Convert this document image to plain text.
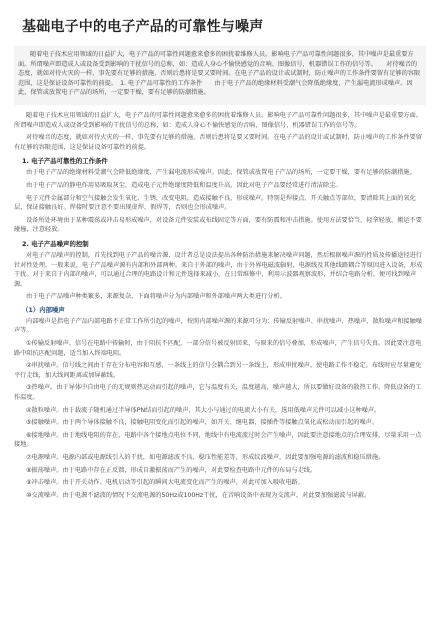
基础电子中的电子产品的可靠性与噪声

随着电子技术应用领域的日益扩大，电子产品的可靠性问题愈来愈多的困扰着维修人员。影响电子产品可靠性问题很多，其中噪声是最重要方面。所谓噪声即造成人或设备受到影响的干扰信号的总称，如：造成人身心不愉快感觉的音响、图像信号，机器错误工作的信号等。　　对待噪音的态度，就如对待火灾的一样，事先要有足够的措施，否则后患将是要又要时间。在电子产品的设计或试制时，防止噪声的工作条件要留有足够的容限范围，这是保证设备可靠性的前提。　1. 电子产品可靠性的工作条件　　由于电子产品的绝缘材料受潮气会降低绝缘度，产生漏电流形成噪声。因此，保管或放置电子产品的场所，一定要干燥，要有足够的防潮措施。

随着电子技术应用领域的日益扩大，电子产品的可靠性问题愈来愈多的困扰着维修人员。影响电子产品可靠性问题很多，其中噪声是最重要方面。所谓噪声即造成人或设备受到影响的干扰信号的总称，如：造成人身心不愉快感觉的音响、图像信号，机器错误工作的信号等。

对待噪音的态度，就如对待火灾的一样，事先要有足够的措施，否则后患将是要又要时间。在电子产品的设计或试制时，防止噪声的工作条件要留有足够的容限范围，这是保证设备可靠性的前提。

1. 电子产品可靠性的工作条件

由于电子产品的绝缘材料受潮气会降低绝缘度，产生漏电流形成噪声。因此，保管或放置电子产品的场所，一定要干燥，要有足够的防潮措施。

由于电子产品的静电作用易吸取灰尘，造成电子元件绝缘度降低和温度升高，因此对电子产品要经常进行清洁除尘。

电子元件金属部分和空气接触会发生氧化、生锈，改变电阻，造成接触不良，形成噪声。特别是焊接点、开关触点等部位，要清除其上面的氧化层，保证接触良好。焊接时要注意不要出现虚焊、假焊等，否则也会形成噪声。

设备所处环境由于某种震荡或冲击易形成噪声，对设备元件安装或布线固定等方面，要有防震和冲击措施。使用方法要恰当，轻拿轻放，搬运不要碰撞，注意轻放。

2. 电子产品噪声的控制

对电子产品噪声的控制，首先找到电子产品的噪音源，设计者总是设法提出各种防治措施来解决噪声问题，然后根据噪声源的性质及传播途径进行针对性处理。一般来说，电子产品噪声源有内部和外部两种。来自于外部的噪声，由于外界电磁波辐射、电源线及其他线路耦合等原因进入设备，形成干扰。对于来自于内部的噪声，可以通过合理的电路设计和元件选择来减小。在日常维修中，利用示波器观察波形，并结合电路分析，便可找到噪声源。

由于电子产品噪声种类繁多，来源复杂，下面将噪声分为内部噪声和外部噪声两大类进行分析。

（1）内部噪声

内部噪声是指电子产品内部电路不正常工作所引起的噪声，按照内部噪声源的来源可分为：传输反射噪声、串扰噪声、热噪声、散粒噪声和接触噪声等。

①传输反射噪声。信号在电路中传输时，由于阻抗不匹配，一部分信号被反射回来，与原来的信号叠加，形成噪声，产生信号失真。因此要注意电路中阻抗匹配问题，适当加入终端电阻。

②串扰噪声。信号线之间由于存在分布电容和互感，一条线上的信号会耦合到另一条线上，形成串扰噪声，使电路工作不稳定。布线时应尽量避免平行走线，加大线间距离或加屏蔽线。

③热噪声。由于导体中自由电子的无规则热运动而引起的噪声，它与温度有关，温度越高，噪声越大，所以要做好设备的散热工作，降低设备的工作温度。

④散粒噪声。由于载流子随机通过半导体PN结而引起的噪声，其大小与通过的电流大小有关，选用低噪声元件可以减小这种噪声。

⑤接触噪声。由于两个导体接触不良，接触电阻变化而引起的噪声，如开关、继电器、接插件等接触点氧化或松动而引起的噪声。

⑥接地噪声。由于地线电阻的存在，电路中各个接地点电位不同，地线中有电流流过时会产生噪声，因此要注意接地点的合理安排，尽量采用一点接地。

⑦电源噪声。电源内部或电源线引入的干扰，如电源滤波不良、稳压性能差等，形成纹波噪声，因此要加强电源的滤波和稳压措施。

⑧振荡噪声。由于电路中存在正反馈，形成自激振荡而产生的噪声，对此要检查电路中元件的布局与走线。

⑨冲击噪声。由于开关动作、电机启动等引起的瞬间大电流变化而产生的噪声，对此可加入吸收电路。

⑩交流噪声。由于电源不滤波的情况下交流电源的50Hz或100Hz干扰，在音响设备中表现为交流声，对此要加强滤波与屏蔽。
